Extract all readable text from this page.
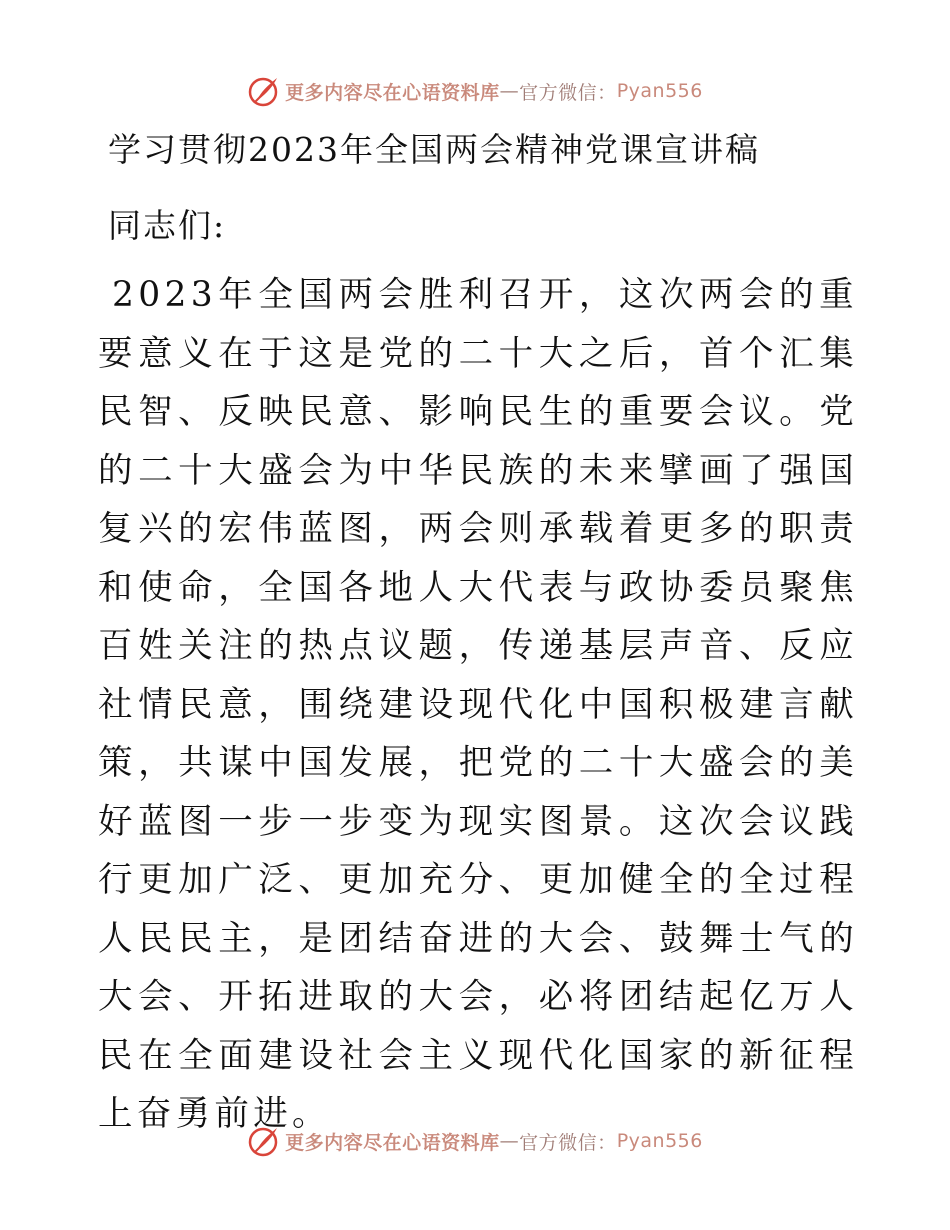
更多内容尽在心语资料库 — 官方微信： Pyan556
学习贯彻2023年全国两会精神党课宣讲稿
同志们:
2023年全国两会胜利召开，这次两会的重要意义在于这是党的二十大之后，首个汇集民智、反映民意、影响民生的重要会议。党的二十大盛会为中华民族的未来擘画了强国复兴的宏伟蓝图，两会则承载着更多的职责和使命，全国各地人大代表与政协委员聚焦百姓关注的热点议题，传递基层声音、反应社情民意，围绕建设现代化中国积极建言献策，共谋中国发展，把党的二十大盛会的美好蓝图一步一步变为现实图景。这次会议践行更加广泛、更加充分、更加健全的全过程人民民主，是团结奋进的大会、鼓舞士气的大会、开拓进取的大会，必将团结起亿万人民在全面建设社会主义现代化国家的新征程上奋勇前进。
更多内容尽在心语资料库 — 官方微信： Pyan556
